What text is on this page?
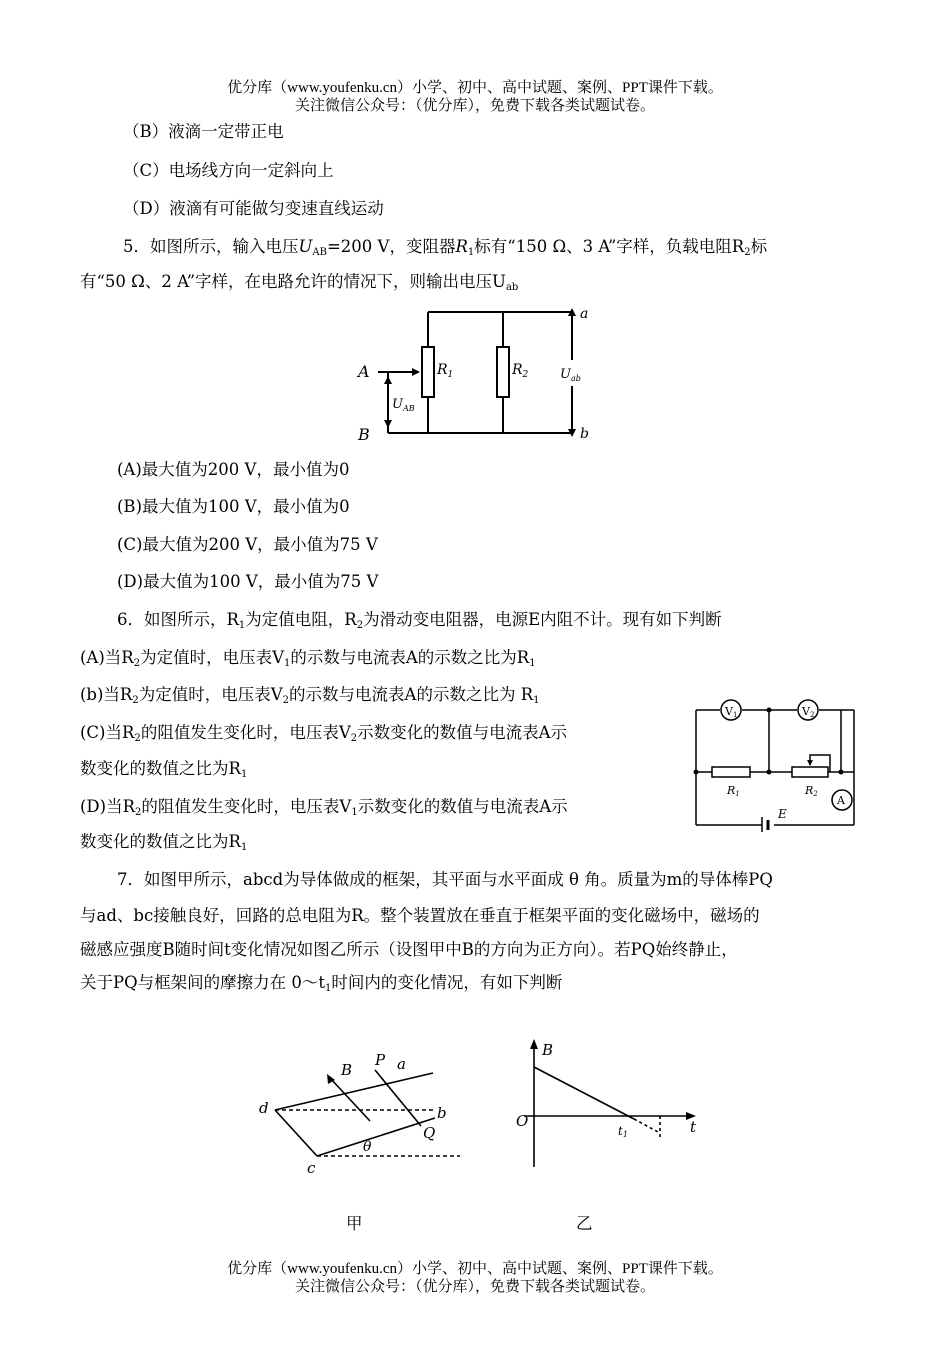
优分库（www.youfenku.cn）小学、初中、高中试题、案例、PPT课件下载。
关注微信公众号：（优分库），免费下载各类试题试卷。
（B）液滴一定带正电
（C）电场线方向一定斜向上
（D）液滴有可能做匀变速直线运动
5．如图所示，输入电压$U_{AB}=200$ V，变阻器$R_1$标有“150 Ω、3 A”字样，负载电阻$R_2$标
有“50 Ω、2 A”字样，在电路允许的情况下，则输出电压$U_{ab}$
A
B
a
b
$R_1$	$R_2$
$U_{AB}$
$U_{ab}$
(A)最大值为200 V，最小值为0
(B)最大值为100 V，最小值为0
(C)最大值为200 V，最小值为75 V
(D)最大值为100 V，最小值为75 V
6．如图所示，$R_1$为定值电阻，$R_2$为滑动变电阻器，电源E内阻不计。现有如下判断
(A)当$R_2$为定值时，电压表$V_1$的示数与电流表A的示数之比为$R_1$
(b)当$R_2$为定值时，电压表$V_2$的示数与电流表A的示数之比为 $R_1$
(C)当$R_2$的阻值发生变化时，电压表$V_2$示数变化的数值与电流表A示
数变化的数值之比为$R_1$
(D)当$R_2$的阻值发生变化时，电压表$V_1$示数变化的数值与电流表A示
数变化的数值之比为$R_1$
V1	V2
A
R1	R2
E
7．如图甲所示，abcd为导体做成的框架，其平面与水平面成 θ 角。质量为m的导体棒PQ
与ad、bc接触良好，回路的总电阻为R。整个装置放在垂直于框架平面的变化磁场中，磁场的
磁感应强度B随时间t变化情况如图乙所示（设图甲中B的方向为正方向）。若PQ始终静止，
关于PQ与框架间的摩擦力在 $0\sim t_1$时间内的变化情况，有如下判断
d
c
B
P a
b
Q
θ
B
O
t1	t
甲	乙
优分库（www.youfenku.cn）小学、初中、高中试题、案例、PPT课件下载。
关注微信公众号：（优分库），免费下载各类试题试卷。
